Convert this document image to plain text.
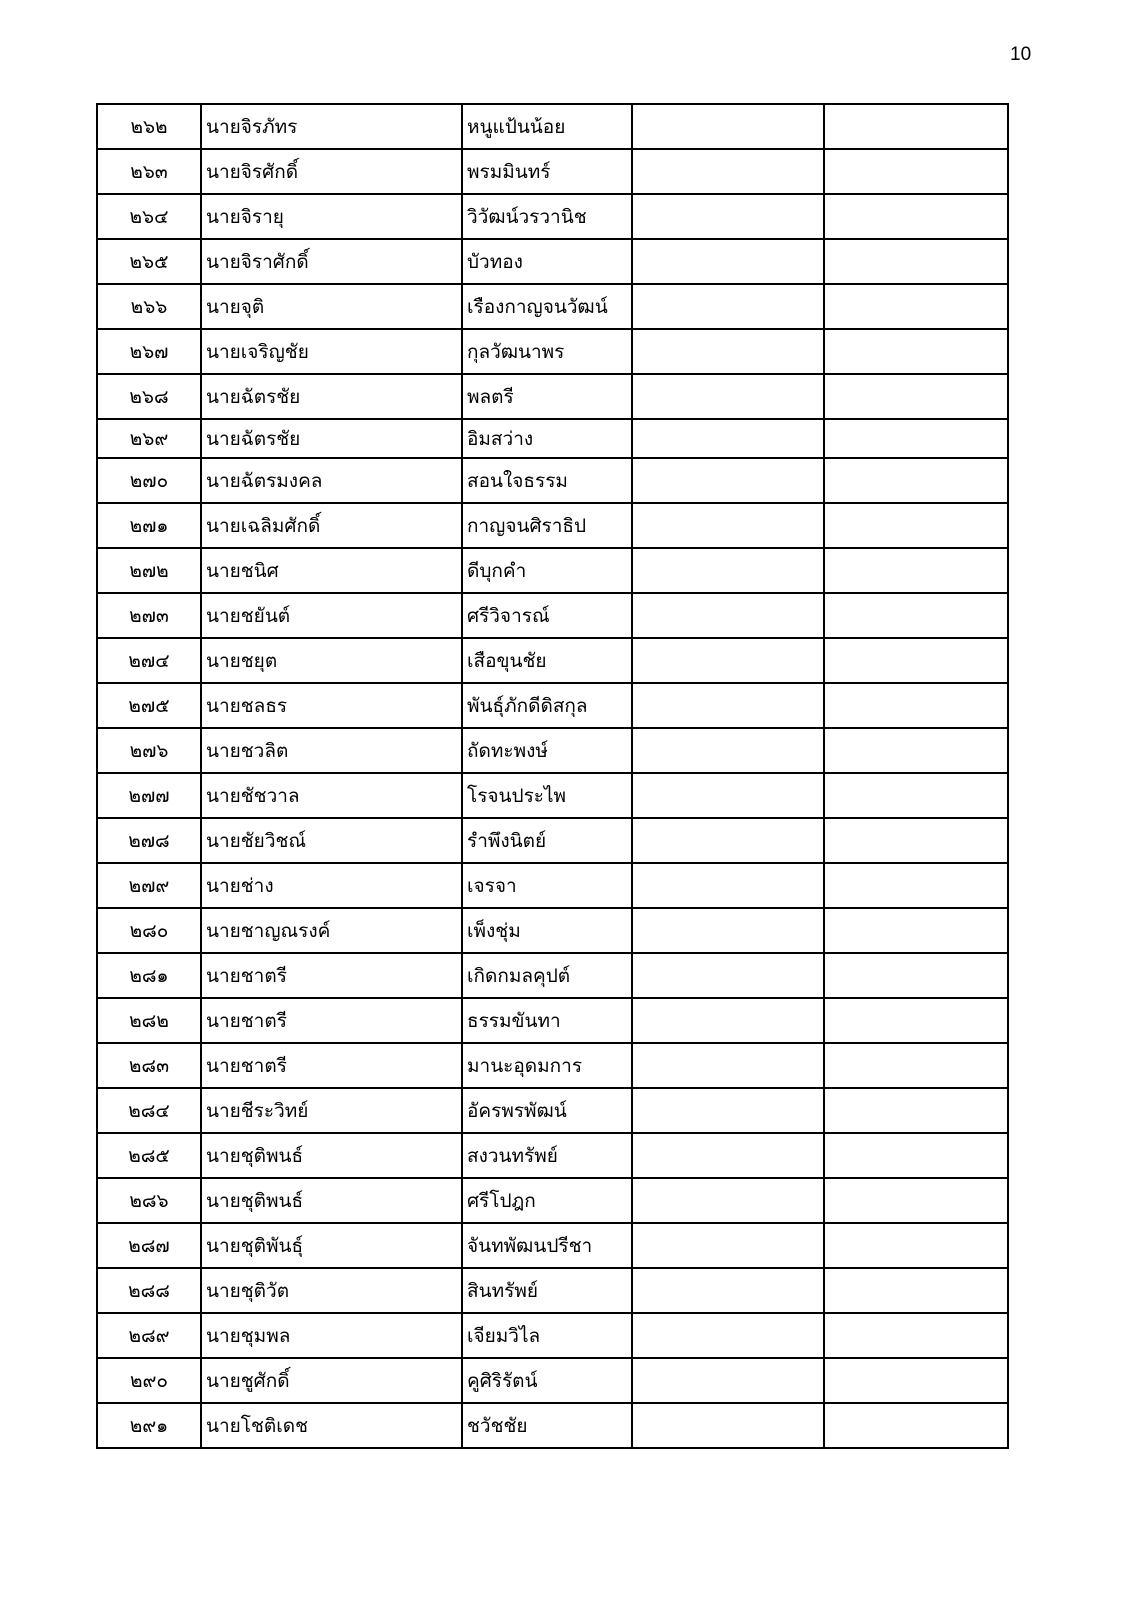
10
๒๖๒	นายจิรภัทร	หนูแป้นน้อย		
๒๖๓	นายจิรศักดิ์	พรมมินทร์		
๒๖๔	นายจิรายุ	วิวัฒน์วรวานิช		
๒๖๕	นายจิราศักดิ์	บัวทอง		
๒๖๖	นายจุติ	เรืองกาญจนวัฒน์		
๒๖๗	นายเจริญชัย	กุลวัฒนาพร		
๒๖๘	นายฉัตรชัย	พลตรี		
๒๖๙	นายฉัตรชัย	อิมสว่าง		
๒๗๐	นายฉัตรมงคล	สอนใจธรรม		
๒๗๑	นายเฉลิมศักดิ์	กาญจนศิราธิป		
๒๗๒	นายชนิศ	ดีบุกคำ		
๒๗๓	นายชยันต์	ศรีวิจารณ์		
๒๗๔	นายชยุต	เสือขุนชัย		
๒๗๕	นายชลธร	พันธุ์ภักดีดิสกุล		
๒๗๖	นายชวลิต	ถัดทะพงษ์		
๒๗๗	นายชัชวาล	โรจนประไพ		
๒๗๘	นายชัยวิชณ์	รำพึงนิตย์		
๒๗๙	นายช่าง	เจรจา		
๒๘๐	นายชาญณรงค์	เพ็งชุ่ม		
๒๘๑	นายชาตรี	เกิดกมลคุปต์		
๒๘๒	นายชาตรี	ธรรมขันทา		
๒๘๓	นายชาตรี	มานะอุดมการ		
๒๘๔	นายชีระวิทย์	อัครพรพัฒน์		
๒๘๕	นายชุติพนธ์	สงวนทรัพย์		
๒๘๖	นายชุติพนธ์	ศรีโปฎก		
๒๘๗	นายชุติพันธุ์	จันทพัฒนปรีชา		
๒๘๘	นายชุติวัต	สินทรัพย์		
๒๘๙	นายชุมพล	เจียมวิไล		
๒๙๐	นายชูศักดิ์	คูศิริรัตน์		
๒๙๑	นายโชติเดช	ชวัชชัย		
